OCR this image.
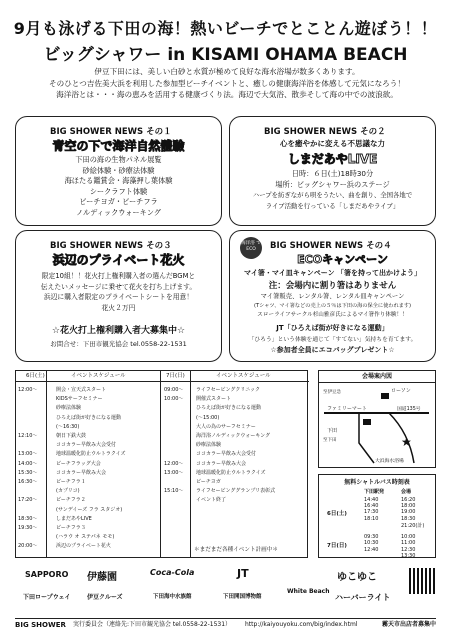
9月も泳げる下田の海！熱いビーチでとことん遊ぼう！！
ビッグシャワー in KISAMI OHAMA BEACH
伊豆下田には、美しい白砂と水質が極めて良好な海水浴場が数多くあります。
そのひとつ吉佐美大浜を利用した参加型ビーチイベントと、癒しの健康海洋浴を体感して元気になろう！
海洋浴とは・・・海の恵みを活用する健康づくり法。海辺で大気浴、散歩そして海の中での波浪欲。
BIG SHOWER NEWS その１
青空の下で海洋自然體驗
下田の海の生物パネル展覧
砂絵体験・砂療法体験
海ほたる鑑賞会・海藻押し葉体験
シークラフト体験
ビーチヨガ・ビーチフラ
ノルディックウォーキング
BIG SHOWER NEWS その２
心を癒やかに変える不思議な力
しまだあやLIVE
日時：６日(土)18時30分
場所：ビッグシャワー浜のステージ
ハープを紡ぎながら唄をうたい、曲を創り、全国各地で
ライブ活動を行っている「しまだあやライブ」
BIG SHOWER NEWS その３
浜辺のプライベート花火
限定10組！！花火打上権利購入者の選んだBGMと
伝えたいメッセージに乗せて花火を打ち上げます。
浜辺に購入者限定のプライベートシートを用意！
花火２万円
☆花火打上権利購入者大募集中☆
お問合せ：下田市観光協会 tel.0558-22-1531
海洋浴 で ECO	BIG SHOWER NEWS その４
ECOキャンペーン
マイ箸・マイ皿キャンペーン 「箸を持って出かけよう」
注：会場内に割り箸はありません
マイ箸販売、レンタル箸、レンタル皿キャンペーン
(Tシャツ、マイ箸などの売上の５％は下田の海の保全に使われます)
スローライフサークル杉山雅彦氏によるマイ箸作り体験！！
JT「ひろえば街が好きになる運動」
「ひろう」という体験を通じて「すてない」気持ちを育てます。
☆参加者全員にエコバッグプレゼント☆
6日(土)	イベントスケジュール	7日(日)	イベントスケジュール
12:00〜	開会・宣天式スタート
KIDSサーフセミナー
砂療法体験
ひろえば街が好きになる運動
(〜16:30)
12:10〜	朝日下鉄大鼓
ココカラー早飲み大会受付
13:00〜	地球温暖化防止ウルトラクイズ
14:00〜	ビーチフラッグ大会
15:30〜	ココカラー早飲み大会
16:30〜	ビーチフラ１
(カプリコ)
17:20〜	ビーチフラ２
(サンデイーズ フラ スタジオ)
18:30〜	しまだあやLIVE
19:30〜	ビーチフラ３
(ハラウ オ ステパネ モモ)
20:00〜	浜辺のプライベート花火
09:00〜	ライフセービングクリニック
10:00〜	開催式スタート
ひろえば街が好きになる運動
(〜15:00)
大人の為のサーフセミナー
海洋浴ノルディックウォーキング
砂療法体験
ココカラー早飲み大会受付
12:00〜	ココカラー早飲み大会
13:00〜	地球温暖化防止ウルトラクイズ
ビーチヨガ
15:10〜	ライフセービンググランプリ表彰式
イベント終了
＊まだまだ各種イベント計画中＊
会場案内図
★
ローソン
ファミリーマート
下田
大浜海水浴場
国道135号
至伊豆急
至下田
無料シャトルバス時刻表
下田駅発	会場
6日(土)
7日(日)
14:40	16:20
16:40	18:00
17:30	19:00
18:10	18:30
21:20(計)
09:30	10:00
10:30	11:00
12:40	12:30
13:30
SAPPORO 伊藤園	Coca-Cola	JT
White Beach
ゆこゆこ
下田ロープウェイ	伊豆クルーズ	下田海中水族館	下田開国博物館	ハーバーライト
BIG SHOWER 実行委員会（連絡先:下田市観光協会 tel.0558-22-1531） http://kaiyouyoku.com/big/index.html	霧天市出店者募集中
